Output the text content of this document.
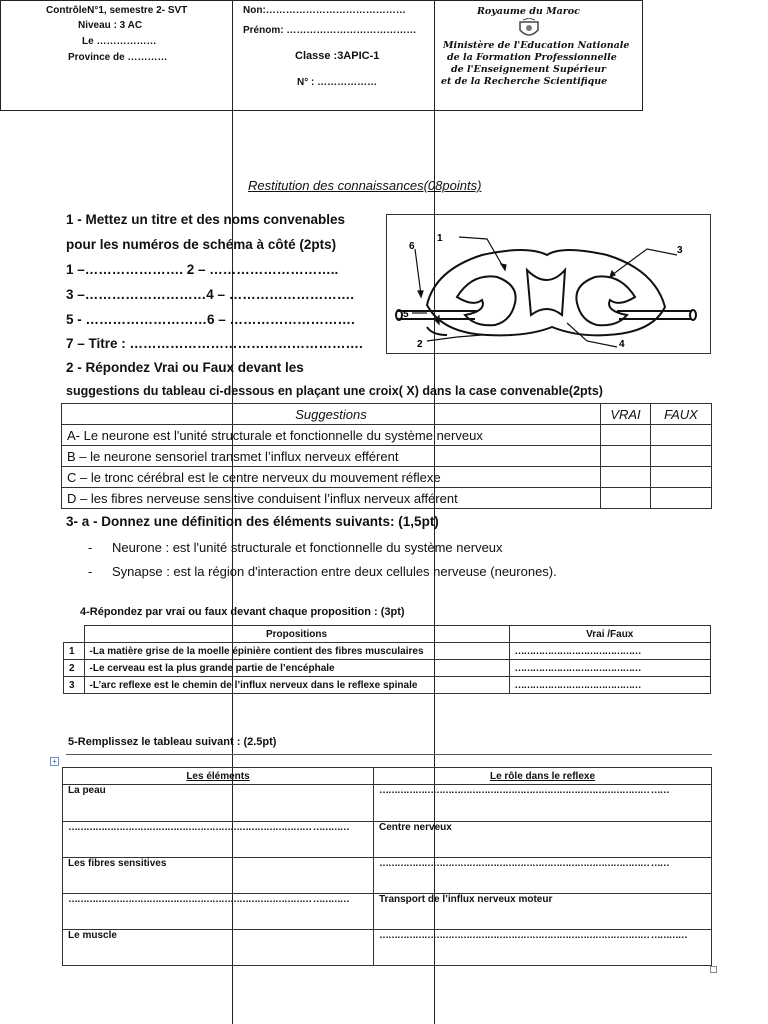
ContrôleN°1, semestre 2- SVT
Niveau : 3 AC
Le ………………
Province de …………
Non:……………………………………
Prénom: …………………………………
Classe :3APIC-1
N° : ………………
Royaume du Maroc
Ministère de l'Education Nationale
de la Formation Professionnelle
de l'Enseignement Supérieur
et de la Recherche Scientifique
Restitution des connaissances(08points)
1 - Mettez un titre et des noms convenables
pour les numéros de schéma à côté (2pts)
1 –…………………. 2 – ………………………..
3 –………………………4 – ……………………….
5 - ………………………6 – ……………………….
7 – Titre : …………………………………………….
1
2
3
4
5
6
2 - Répondez Vrai ou Faux devant les
suggestions du tableau ci-dessous en plaçant une croix( X) dans la case convenable(2pts)
Suggestions	VRAI	FAUX
A- Le neurone est l'unité structurale et fonctionnelle du système nerveux		
B – le neurone sensoriel transmet l’influx nerveux efférent		
C – le tronc cérébral est le centre nerveux du mouvement réflexe		
D – les fibres nerveuse sensitive conduisent l’influx nerveux afférent		
3- a - Donnez une définition des éléments suivants: (1,5pt)
- Neurone : est l'unité structurale et fonctionnelle du système nerveux
- Synapse : est la région d'interaction entre deux cellules nerveuse (neurones).
4-Répondez par vrai ou faux devant chaque proposition : (3pt)
	Propositions	Vrai /Faux
1	-La matière grise de la moelle épinière contient des fibres musculaires	……………………………………
2	-Le cerveau est la plus grande partie de l’encéphale	……………………………………
3	-L’arc reflexe est le chemin de l’influx nerveux dans le reflexe spinale	……………………………………
5-Remplissez le tableau suivant : (2.5pt)
+
Les éléments	Le rôle dans le reflexe
La peau	……………………………………………………………………………… ……
……………………………………………………………………… …………	Centre nerveux
Les fibres sensitives	……………………………………………………………………………… ……
……………………………………………………………………… …………	Transport de l’influx nerveux moteur
Le muscle	……………………………………………………………………………… …………
